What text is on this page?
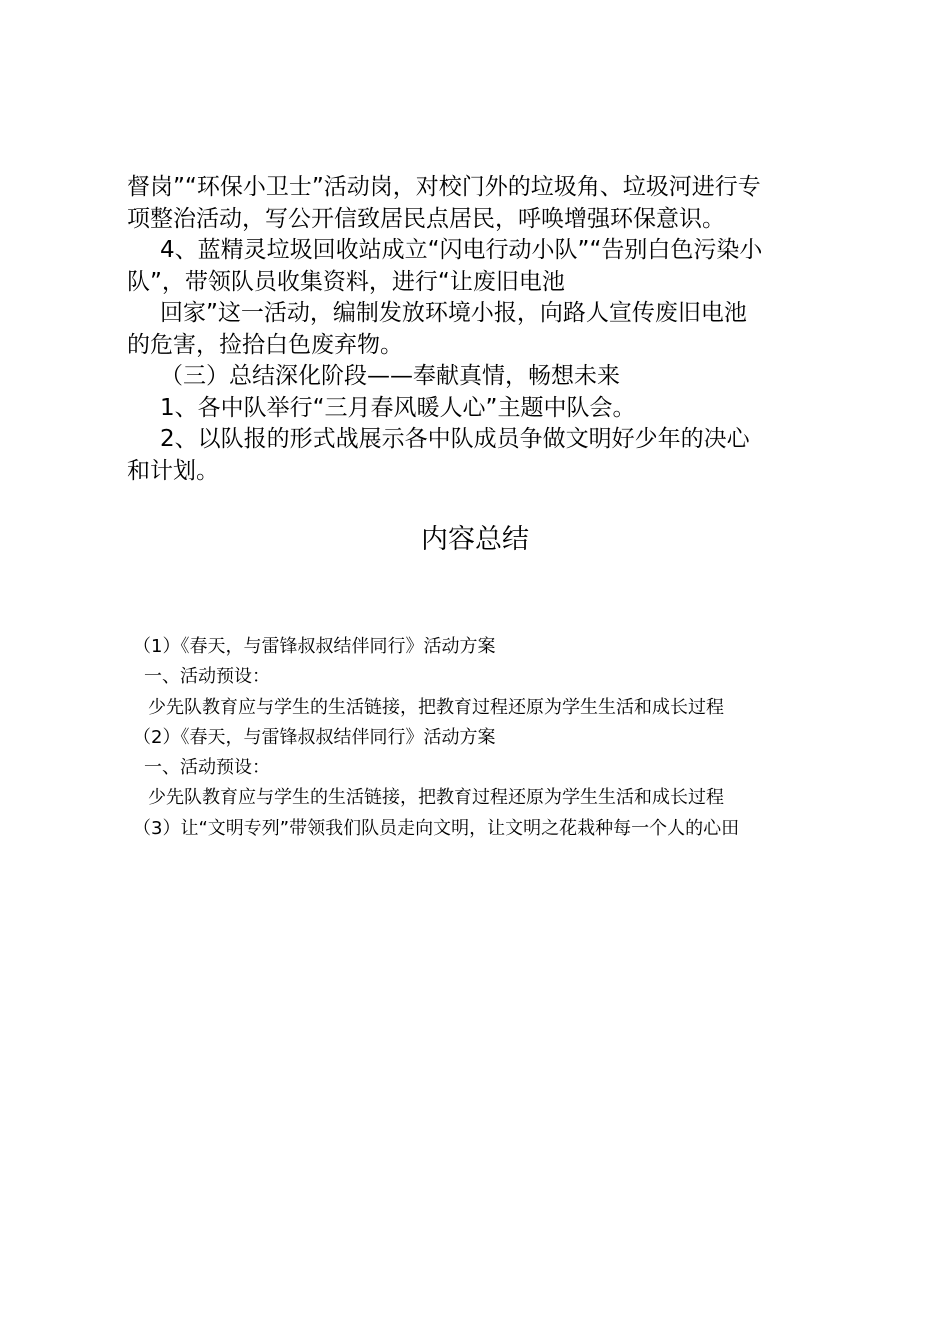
督岗”“环保小卫士”活动岗，对校门外的垃圾角、垃圾河进行专

项整治活动，写公开信致居民点居民，呼唤增强环保意识。

4、蓝精灵垃圾回收站成立“闪电行动小队”“告别白色污染小

队”，带领队员收集资料，进行“让废旧电池

回家”这一活动，编制发放环境小报，向路人宣传废旧电池

的危害，捡拾白色废弃物。

（三）总结深化阶段——奉献真情，畅想未来

1、各中队举行“三月春风暖人心”主题中队会。

2、以队报的形式战展示各中队成员争做文明好少年的决心

和计划。

内容总结

（1）《春天，与雷锋叔叔结伴同行》活动方案

一、活动预设：

少先队教育应与学生的生活链接，把教育过程还原为学生生活和成长过程

（2）《春天，与雷锋叔叔结伴同行》活动方案

一、活动预设：

少先队教育应与学生的生活链接，把教育过程还原为学生生活和成长过程

（3）让“文明专列”带领我们队员走向文明，让文明之花栽种每一个人的心田
